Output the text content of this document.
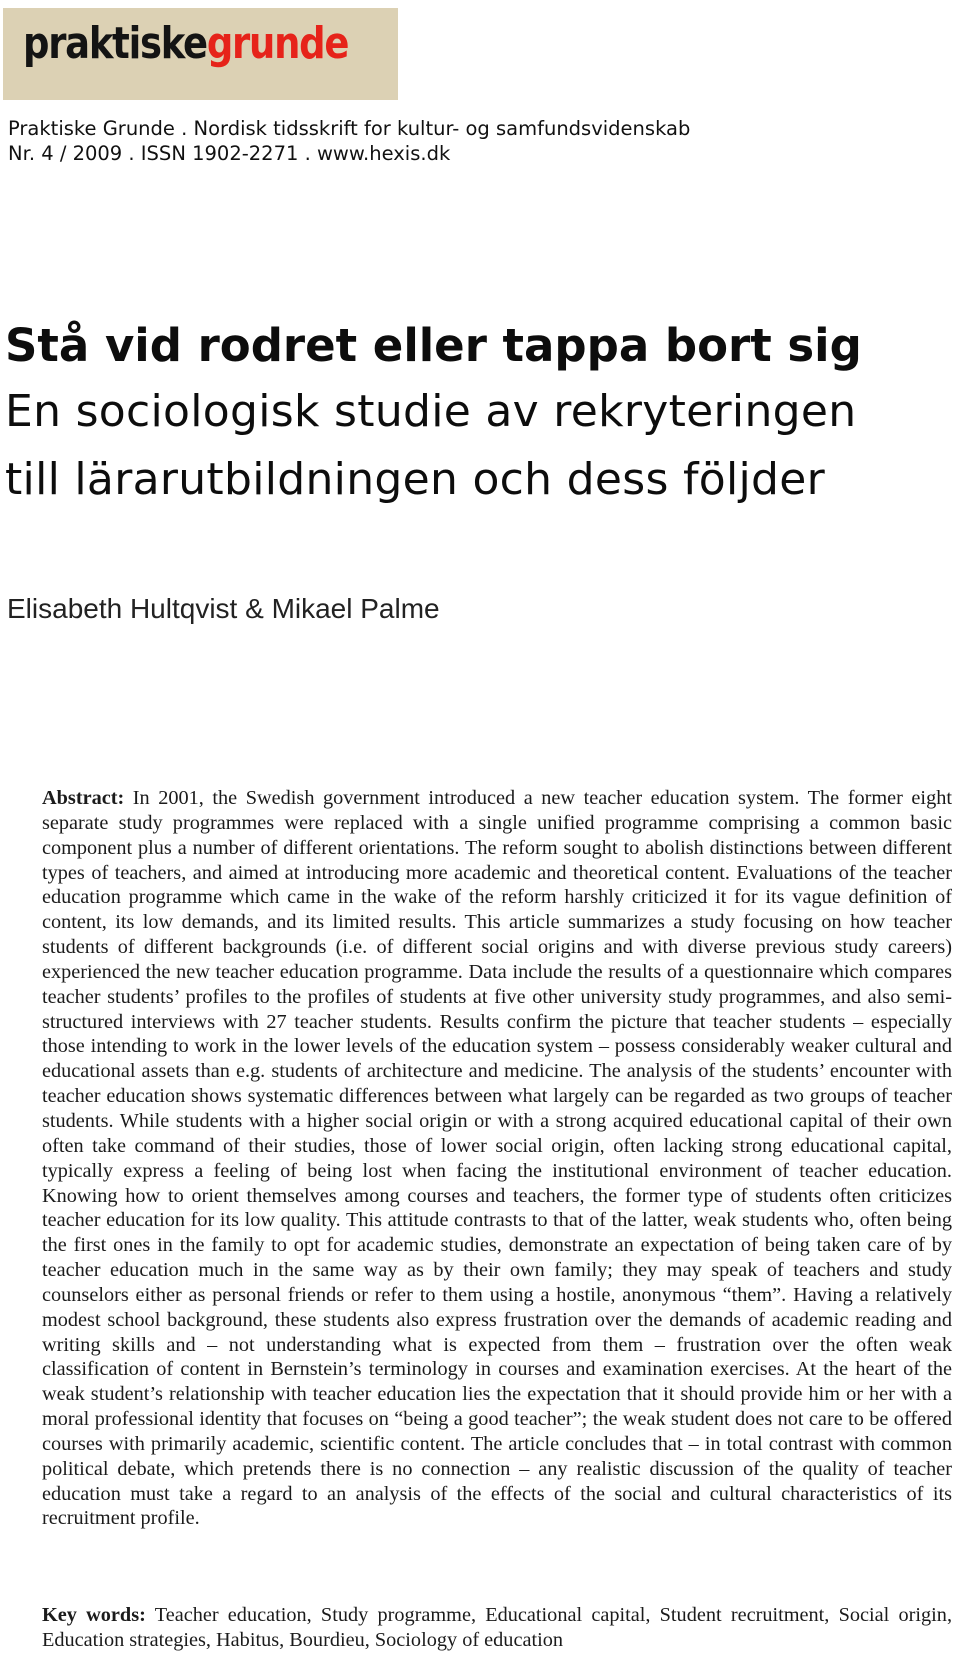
praktiskegrunde
Praktiske Grunde . Nordisk tidsskrift for kultur- og samfundsvidenskab
Nr. 4 / 2009 . ISSN 1902-2271 . www.hexis.dk
Stå vid rodret eller tappa bort sig
En sociologisk studie av rekryteringen
till lärarutbildningen och dess följder
Elisabeth Hultqvist & Mikael Palme
Abstract: In 2001, the Swedish government introduced a new teacher education system. The former eight separate study programmes were replaced with a single unified programme comprising a common basic component plus a number of different orientations. The reform sought to abolish distinctions between different types of teachers, and aimed at introducing more academic and theoretical content. Evaluations of the teacher education programme which came in the wake of the reform harshly criticized it for its vague definition of content, its low demands, and its limited results. This article summarizes a study focusing on how teacher students of different backgrounds (i.e. of different social origins and with diverse previous study careers) experienced the new teacher education programme. Data include the results of a questionnaire which compares teacher students’ profiles to the profiles of students at five other university study programmes, and also semi-structured interviews with 27 teacher students. Results confirm the picture that teacher students – especially those intending to work in the lower levels of the education system – possess considerably weaker cultural and educational assets than e.g. students of architecture and medicine. The analysis of the students’ encounter with teacher education shows systematic differences between what largely can be regarded as two groups of teacher students. While students with a higher social origin or with a strong acquired educational capital of their own often take command of their studies, those of lower social origin, often lacking strong educational capital, typically express a feeling of being lost when facing the institutional environment of teacher education. Knowing how to orient themselves among courses and teachers, the former type of students often criticizes teacher education for its low quality. This attitude contrasts to that of the latter, weak students who, often being the first ones in the family to opt for academic studies, demonstrate an expectation of being taken care of by teacher education much in the same way as by their own family; they may speak of teachers and study counselors either as personal friends or refer to them using a hostile, anonymous “them”. Having a relatively modest school background, these students also express frustration over the demands of academic reading and writing skills and – not understanding what is expected from them – frustration over the often weak classification of content in Bernstein’s terminology in courses and examination exercises. At the heart of the weak student’s relationship with teacher education lies the expectation that it should provide him or her with a moral professional identity that focuses on “being a good teacher”; the weak student does not care to be offered courses with primarily academic, scientific content. The article concludes that – in total contrast with common political debate, which pretends there is no connection – any realistic discussion of the quality of teacher education must take a regard to an analysis of the effects of the social and cultural characteristics of its recruitment profile.
Key words: Teacher education, Study programme, Educational capital, Student recruitment, Social origin, Education strategies, Habitus, Bourdieu, Sociology of education
